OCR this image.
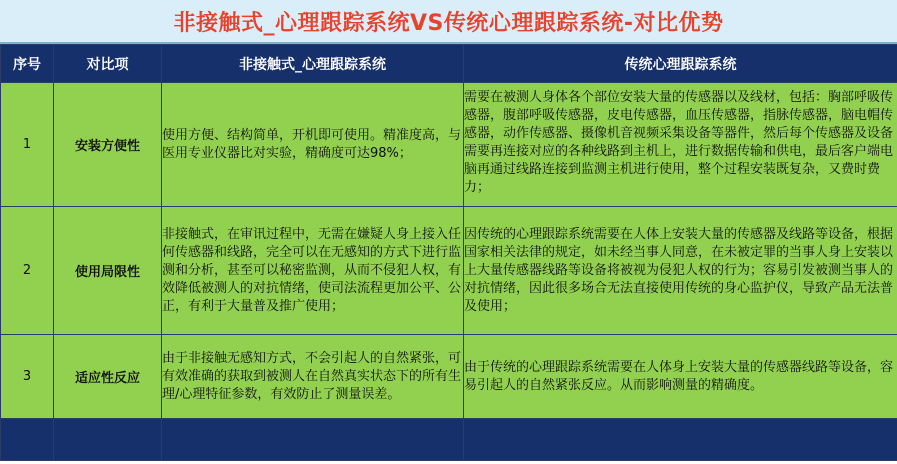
非接触式_心理跟踪系统VS传统心理跟踪系统-对比优势
序号	对比项	非接触式_心理跟踪系统	传统心理跟踪系统
1	安装方便性	使用方便、结构简单，开机即可使用。精准度高，与医用专业仪器比对实验，精确度可达98%；	需要在被测人身体各个部位安装大量的传感器以及线材，包括：胸部呼吸传感器，腹部呼吸传感器，皮电传感器，血压传感器，指脉传感器，脑电帽传感器，动作传感器、摄像机音视频采集设备等器件，然后每个传感器及设备需要再连接对应的各种线路到主机上，进行数据传输和供电，最后客户端电脑再通过线路连接到监测主机进行使用，整个过程安装既复杂，又费时费力；
2	使用局限性	非接触式，在审讯过程中，无需在嫌疑人身上接入任何传感器和线路，完全可以在无感知的方式下进行监测和分析，甚至可以秘密监测，从而不侵犯人权，有效降低被测人的对抗情绪，使司法流程更加公平、公正，有利于大量普及推广使用；	因传统的心理跟踪系统需要在人体上安装大量的传感器及线路等设备，根据国家相关法律的规定，如未经当事人同意，在未被定罪的当事人身上安装以上大量传感器线路等设备将被视为侵犯人权的行为；容易引发被测当事人的对抗情绪，因此很多场合无法直接使用传统的身心监护仪，导致产品无法普及使用；
3	适应性反应	由于非接触无感知方式，不会引起人的自然紧张，可有效准确的获取到被测人在自然真实状态下的所有生理/心理特征参数，有效防止了测量误差。	由于传统的心理跟踪系统需要在人体身上安装大量的传感器线路等设备，容易引起人的自然紧张反应。从而影响测量的精确度。
